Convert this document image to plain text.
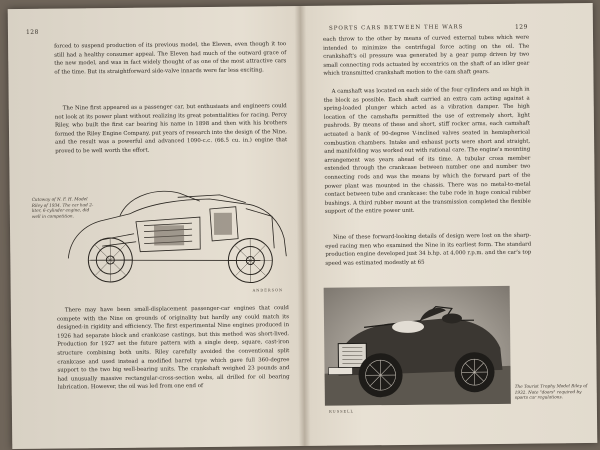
128

forced to suspend production of its previous model, the Eleven, even though it too still had a healthy consumer appeal. The Eleven had much of the outward grace of the new model, and was in fact widely thought of as one of the most attractive cars of the time. But its straightforward side-valve innards were far less exciting.

The Nine first appeared as a passenger car, but enthusiasts and engineers could not look at its power plant without realizing its great potentialities for racing. Percy Riley, who built the first car bearing his name in 1898 and then with his brothers formed the Riley Engine Company, put years of research into the design of the Nine, and the result was a powerful and advanced 1090-c.c. (66.5 cu. in.) engine that proved to be well worth the effort.

Cutaway of N. F. H. Model Riley of 1934. The car had 2-liter, 6-cylinder engine, did well in competition.

ANDERSON

There may have been small-displacement passenger-car engines that could compete with the Nine on grounds of originality but hardly any could match its designed-in rigidity and efficiency. The first experimental Nine engines produced in 1926 had separate block and crankcase castings, but this method was short-lived. Production for 1927 set the future pattern with a single deep, square, cast-iron structure combining both units. Riley carefully avoided the conventional split crankcase and used instead a modified barrel type which gave full 360-degree support to the two big well-bearing units. The crankshaft weighed 23 pounds and had unusually massive rectangular-cross-section webs, all drilled for oil bearing lubrication. However, the oil was led from one end of

SPORTS CARS BETWEEN THE WARS	129

each throw to the other by means of curved external tubes which were intended to minimize the centrifugal force acting on the oil. The crankshaft's oil pressure was generated by a gear pump driven by two small connecting rods actuated by eccentrics on the shaft of an idler gear which transmitted crankshaft motion to the cam shaft gears.

A camshaft was located on each side of the four cylinders and as high in the block as possible. Each shaft carried an extra cam acting against a spring-loaded plunger which acted as a vibration damper. The high location of the camshafts permitted the use of extremely short, light pushrods. By means of these and short, stiff rocker arms, each camshaft actuated a bank of 90-degree V-inclined valves seated in hemispherical combustion chambers. Intake and exhaust ports were short and straight, and manifolding was worked out with rational care. The engine's mounting arrangement was years ahead of its time. A tubular cross member extended through the crankcase between number one and number two connecting rods and was the means by which the forward part of the power plant was mounted in the chassis. There was no metal-to-metal contact between tube and crankcase: the tube rode in huge conical rubber bushings. A third rubber mount at the transmission completed the flexible support of the entire power unit.

Nine of these forward-looking details of design were lost on the sharp-eyed racing men who examined the Nine in its earliest form. The standard production engine developed just 34 b.hp. at 4,000 r.p.m. and the car's top speed was estimated modestly at 65

RUSSELL

The Tourist Trophy Model Riley of 1932. Note "doors" required by sports car regulations.
